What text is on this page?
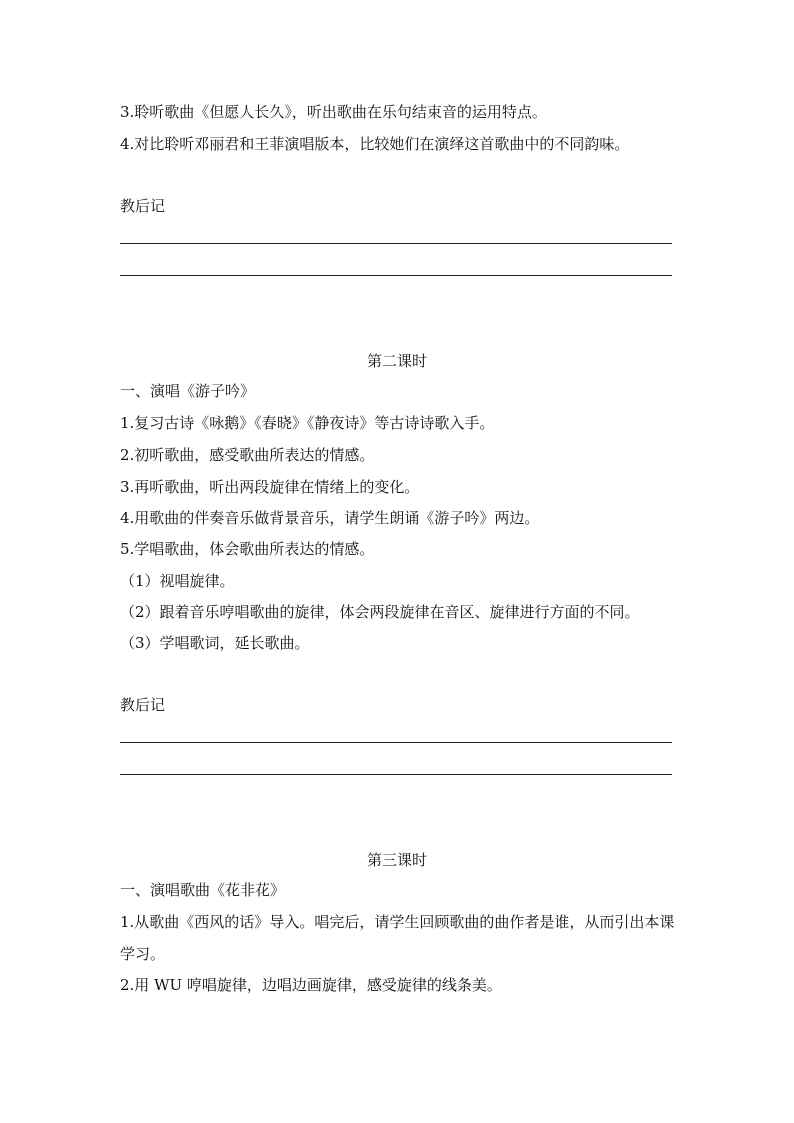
3.聆听歌曲《但愿人长久》，听出歌曲在乐句结束音的运用特点。
4.对比聆听邓丽君和王菲演唱版本，比较她们在演绎这首歌曲中的不同韵味。
教后记
第二课时
一、演唱《游子吟》
1.复习古诗《咏鹅》《春晓》《静夜诗》等古诗诗歌入手。
2.初听歌曲，感受歌曲所表达的情感。
3.再听歌曲，听出两段旋律在情绪上的变化。
4.用歌曲的伴奏音乐做背景音乐，请学生朗诵《游子吟》两边。
5.学唱歌曲，体会歌曲所表达的情感。
（1）视唱旋律。
（2）跟着音乐哼唱歌曲的旋律，体会两段旋律在音区、旋律进行方面的不同。
（3）学唱歌词，延长歌曲。
教后记
第三课时
一、演唱歌曲《花非花》
1.从歌曲《西风的话》导入。唱完后，请学生回顾歌曲的曲作者是谁，从而引出本课学习。
2.用 WU 哼唱旋律，边唱边画旋律，感受旋律的线条美。
